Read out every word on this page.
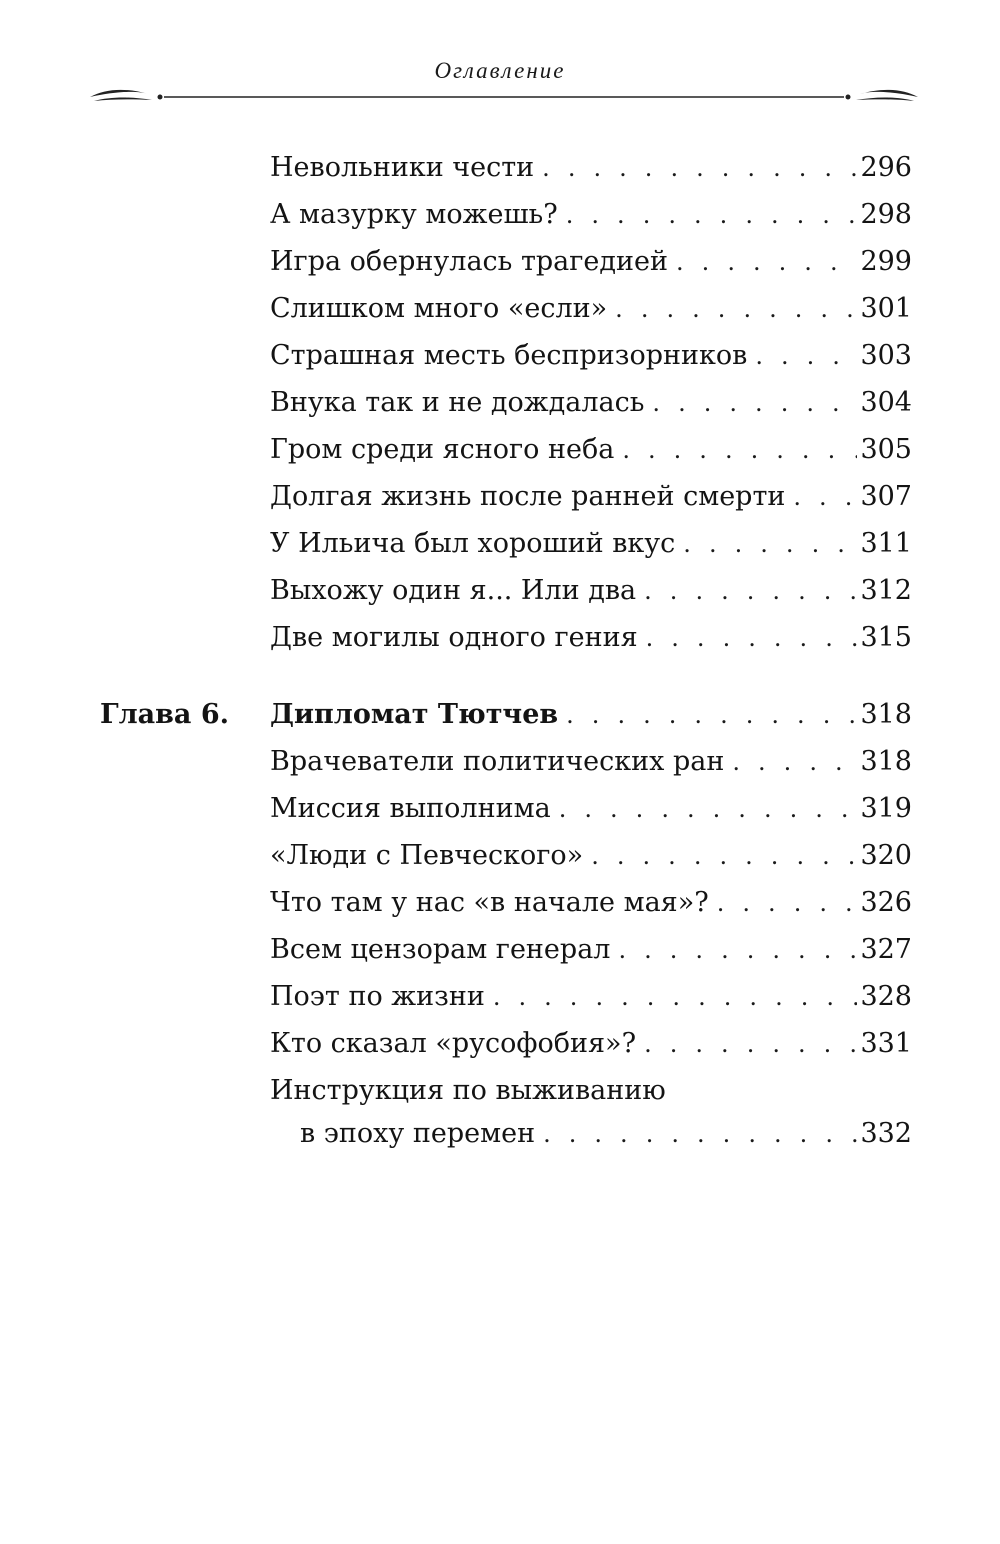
Оглавление
Невольники чести . . .	296
А мазурку можешь? . . .	298
Игра обернулась трагедией . . .	299
Слишком много «если» . . .	301
Страшная месть беспризорников . . .	303
Внука так и не дождалась . . .	304
Гром среди ясного неба . . .	305
Долгая жизнь после ранней смерти . . .	307
У Ильича был хороший вкус . . .	311
Выхожу один я... Или два . . .	312
Две могилы одного гения . . .	315
Глава 6. Дипломат Тютчев . . .	318
Врачеватели политических ран . . .	318
Миссия выполнима . . .	319
«Люди с Певческого» . . .	320
Что там у нас «в начале мая»? . . .	326
Всем цензорам генерал . . .	327
Поэт по жизни . . .	328
Кто сказал «русофобия»? . . .	331
Инструкция по выживанию
в эпоху перемен . . .	332
